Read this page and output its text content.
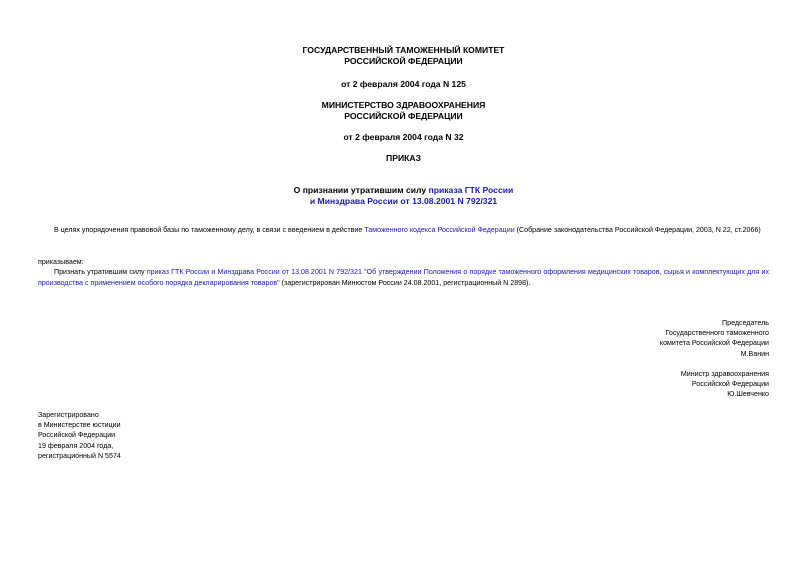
ГОСУДАРСТВЕННЫЙ ТАМОЖЕННЫЙ КОМИТЕТ
РОССИЙСКОЙ ФЕДЕРАЦИИ
от 2 февраля 2004 года N 125
МИНИСТЕРСТВО ЗДРАВООХРАНЕНИЯ
РОССИЙСКОЙ ФЕДЕРАЦИИ
от 2 февраля 2004 года N 32
ПРИКАЗ
О признании утратившим силу приказа ГТК России
и Минздрава России от 13.08.2001 N 792/321
В целях упорядочения правовой базы по таможенному делу, в связи с введением в действие Таможенного кодекса Российской Федерации (Собрание законодательства Российской Федерации, 2003, N 22, ст.2066)
приказываем:
Признать утратившим силу приказ ГТК России и Минздрава России от 13.08.2001 N 792/321 "Об утверждении Положения о порядке таможенного оформления медицинских товаров, сырья и комплектующих для их производства с применением особого порядка декларирования товаров" (зарегистрирован Минюстом России 24.08.2001, регистрационный N 2898).
Председатель
Государственного таможенного
комитета Российской Федерации
М.Ванин
Министр здравоохранения
Российской Федерации
Ю.Шевченко
Зарегистрировано
в Министерстве юстиции
Российской Федерации
19 февраля 2004 года,
регистрационный N 5574
